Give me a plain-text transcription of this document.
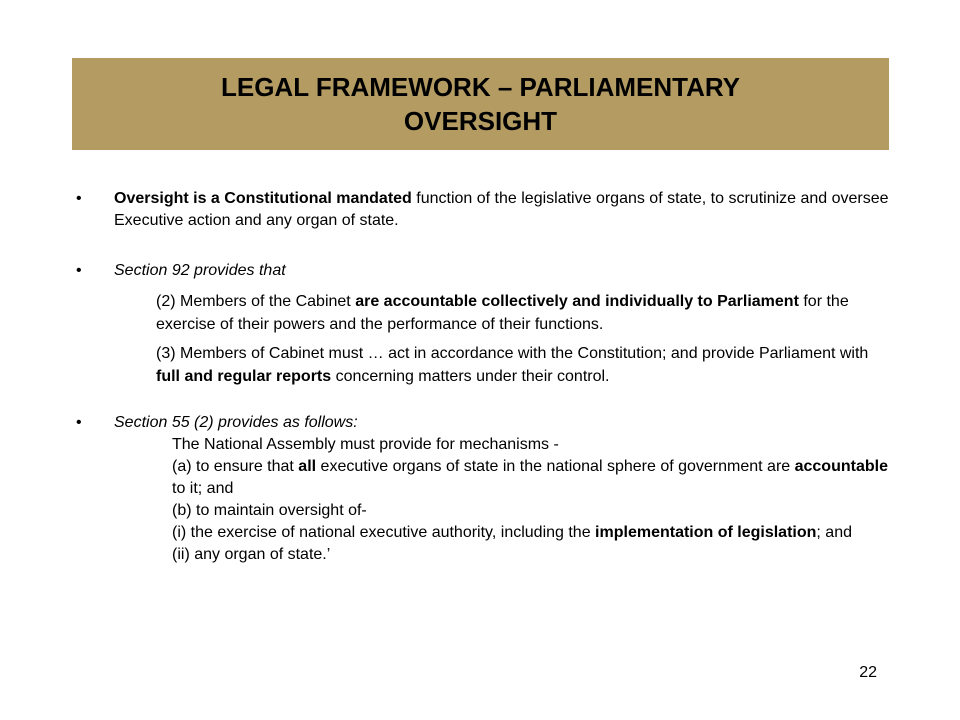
LEGAL FRAMEWORK – PARLIAMENTARY
OVERSIGHT
• Oversight is a Constitutional mandated function of the legislative organs of state, to scrutinize and oversee Executive action and any organ of state.
• Section 92 provides that
(2) Members of the Cabinet are accountable collectively and individually to Parliament for the exercise of their powers and the performance of their functions.
(3) Members of Cabinet must … act in accordance with the Constitution; and provide Parliament with full and regular reports concerning matters under their control.
• Section 55 (2) provides as follows:
The National Assembly must provide for mechanisms -
(a) to ensure that all executive organs of state in the national sphere of government are accountable to it; and
(b) to maintain oversight of-
(i) the exercise of national executive authority, including the implementation of legislation; and
(ii) any organ of state.’
22
